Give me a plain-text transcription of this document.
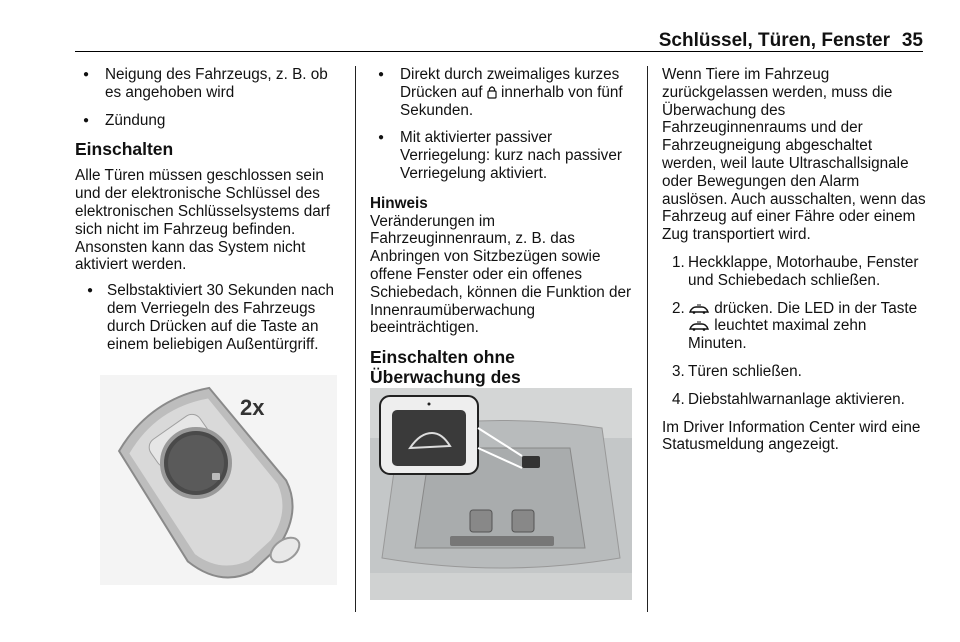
Schlüssel, Türen, Fenster 35

● Neigung des Fahrzeugs, z. B. ob es angehoben wird

● Zündung

Einschalten

Alle Türen müssen geschlossen sein und der elektronische Schlüssel des elektronischen Schlüsselsystems darf sich nicht im Fahrzeug befinden. Ansonsten kann das System nicht aktiviert werden.

● Selbstaktiviert 30 Sekunden nach dem Verriegeln des Fahrzeugs durch Drücken auf die Taste an einem beliebigen Außentürgriff.

2x

● Direkt durch zweimaliges kurzes Drücken auf innerhalb von fünf Sekunden.

● Mit aktivierter passiver Verriegelung: kurz nach passiver Verriegelung aktiviert.

Hinweis

Veränderungen im Fahrzeuginnenraum, z. B. das Anbringen von Sitzbezügen sowie offene Fenster oder ein offenes Schiebedach, können die Funktion der Innenraumüberwachung beeinträchtigen.

Einschalten ohne Überwachung des

Wenn Tiere im Fahrzeug zurückgelassen werden, muss die Überwachung des Fahrzeuginnenraums und der Fahrzeugneigung abgeschaltet werden, weil laute Ultraschallsignale oder Bewegungen den Alarm auslösen. Auch ausschalten, wenn das Fahrzeug auf einer Fähre oder einem Zug transportiert wird.

1. Heckklappe, Motorhaube, Fenster und Schiebedach schließen.
2. drücken. Die LED in der Taste  leuchtet maximal zehn Minuten.
3. Türen schließen.
4. Diebstahlwarnanlage aktivieren.

Im Driver Information Center wird eine Statusmeldung angezeigt.
